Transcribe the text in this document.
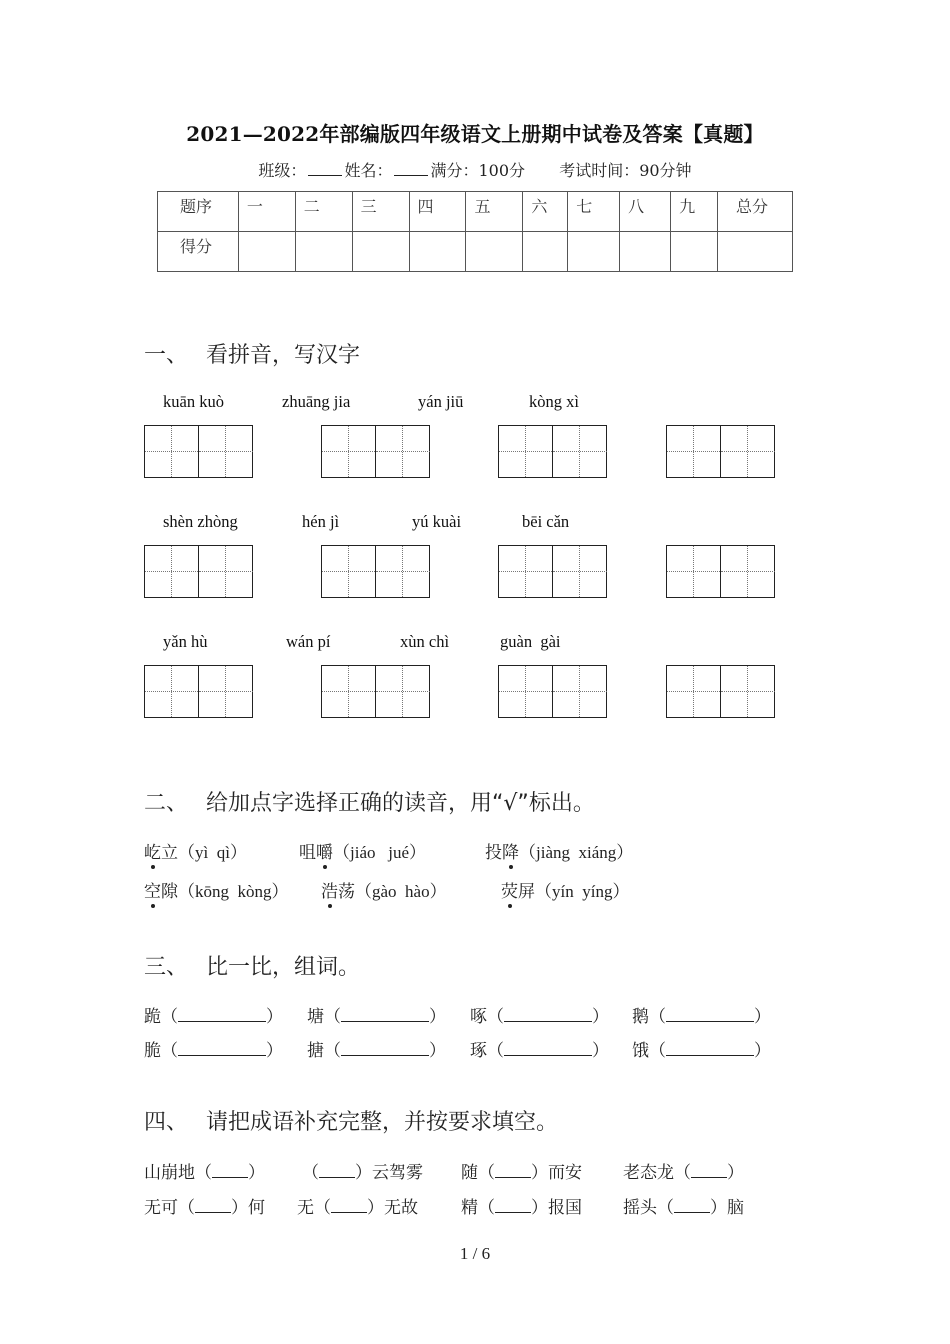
2021—2022年部编版四年级语文上册期中试卷及答案【真题】
班级： 姓名： 满分：100分 考试时间：90分钟
题序	一	二	三	四	五	六	七	八	九	总分
得分										
一、 看拼音，写汉字
kuān kuò	zhuāng jia	yán jiū	kòng xì
shèn zhòng	hén jì	yú kuài	bēi cǎn
yǎn hù	wán pí	xùn chì	guàn  gài
二、 给加点字选择正确的读音，用“√”标出。
屹立（yì  qì）	咀嚼（jiáo   jué）	投降（jiàng  xiáng）
空隙（kōng  kòng） 浩荡（gào  hào）	荧屏（yín  yíng）
三、 比一比，组词。
跪（	） 塘（	） 啄（	） 鹅（	）
脆（	） 搪（	） 琢（	） 饿（	）
四、 请把成语补充完整，并按要求填空。
山崩地（ ） （ ）云驾雾 随（ ）而安 老态龙（ ）
无可（ ）何 无（ ）无故	精（ ）报国 摇头（ ）脑
1 / 6
